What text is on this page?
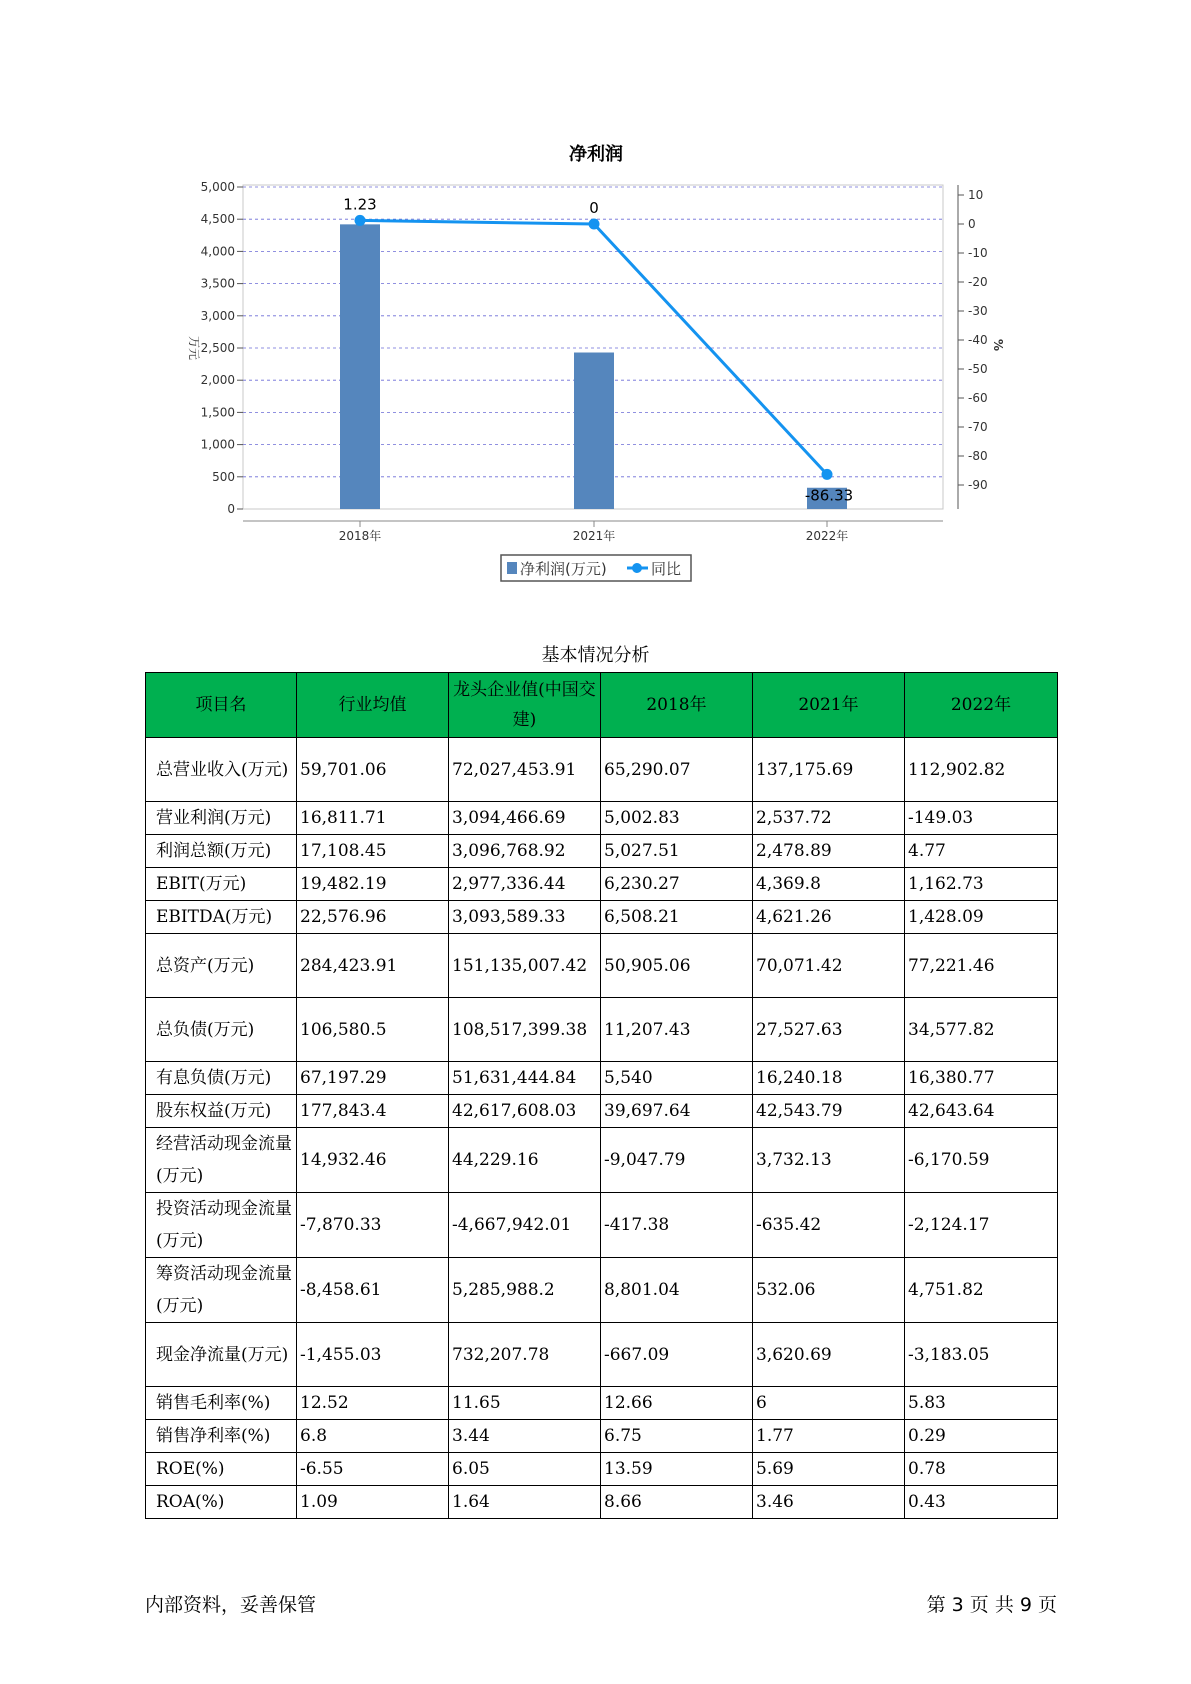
净利润
1.23	0
-86.33
0
500
1,000
1,500
2,000
2,500
3,000
3,500
4,000
4,500
5,000
万元
10
0
-10
-20
-30
-40
-50
-60
-70
-80
-90
%
2018年	2021年	2022年
净利润(万元)	同比
基本情况分析
项目名	行业均值	龙头企业值(中国交建)	2018年	2021年	2022年
总营业收入(万元)	59,701.06	72,027,453.91	65,290.07	137,175.69	112,902.82
营业利润(万元)	16,811.71	3,094,466.69	5,002.83	2,537.72	-149.03
利润总额(万元)	17,108.45	3,096,768.92	5,027.51	2,478.89	4.77
EBIT(万元)	19,482.19	2,977,336.44	6,230.27	4,369.8	1,162.73
EBITDA(万元)	22,576.96	3,093,589.33	6,508.21	4,621.26	1,428.09
总资产(万元)	284,423.91	151,135,007.42	50,905.06	70,071.42	77,221.46
总负债(万元)	106,580.5	108,517,399.38	11,207.43	27,527.63	34,577.82
有息负债(万元)	67,197.29	51,631,444.84	5,540	16,240.18	16,380.77
股东权益(万元)	177,843.4	42,617,608.03	39,697.64	42,543.79	42,643.64
经营活动现金流量(万元)	14,932.46	44,229.16	-9,047.79	3,732.13	-6,170.59
投资活动现金流量(万元)	-7,870.33	-4,667,942.01	-417.38	-635.42	-2,124.17
筹资活动现金流量(万元)	-8,458.61	5,285,988.2	8,801.04	532.06	4,751.82
现金净流量(万元)	-1,455.03	732,207.78	-667.09	3,620.69	-3,183.05
销售毛利率(%)	12.52	11.65	12.66	6	5.83
销售净利率(%)	6.8	3.44	6.75	1.77	0.29
ROE(%)	-6.55	6.05	13.59	5.69	0.78
ROA(%)	1.09	1.64	8.66	3.46	0.43
内部资料，妥善保管	第 3 页 共 9 页
